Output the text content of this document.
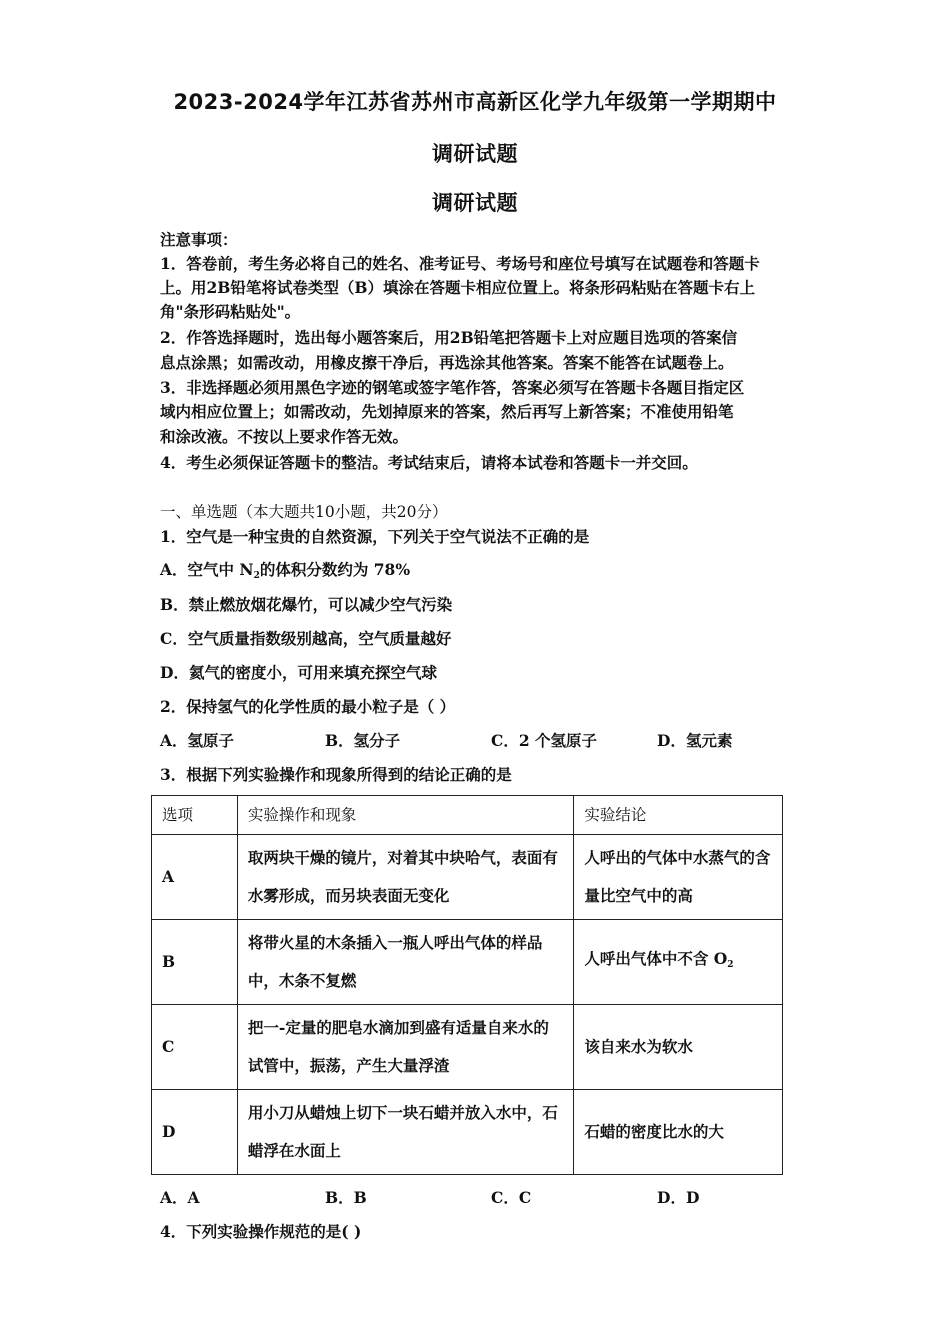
2023-2024学年江苏省苏州市高新区化学九年级第一学期期中
调研试题
调研试题
注意事项：
1．答卷前，考生务必将自己的姓名、准考证号、考场号和座位号填写在试题卷和答题卡
上。用2B铅笔将试卷类型（B）填涂在答题卡相应位置上。将条形码粘贴在答题卡右上
角"条形码粘贴处"。
2．作答选择题时，选出每小题答案后，用2B铅笔把答题卡上对应题目选项的答案信
息点涂黑；如需改动，用橡皮擦干净后，再选涂其他答案。答案不能答在试题卷上。
3．非选择题必须用黑色字迹的钢笔或签字笔作答，答案必须写在答题卡各题目指定区
域内相应位置上；如需改动，先划掉原来的答案，然后再写上新答案；不准使用铅笔
和涂改液。不按以上要求作答无效。
4．考生必须保证答题卡的整洁。考试结束后，请将本试卷和答题卡一并交回。
一、单选题（本大题共10小题，共20分）
1．空气是一种宝贵的自然资源，下列关于空气说法不正确的是
A．空气中 $N_2$的体积分数约为 78%
B．禁止燃放烟花爆竹，可以减少空气污染
C．空气质量指数级别越高，空气质量越好
D．氦气的密度小，可用来填充探空气球
2．保持氢气的化学性质的最小粒子是（ ）
A．氢原子	B．氢分子	C．2 个氢原子	D．氢元素
3．根据下列实验操作和现象所得到的结论正确的是
选项	实验操作和现象	实验结论
A	取两块干燥的镜片，对着其中块哈气，表面有水雾形成，而另块表面无变化	人呼出的气体中水蒸气的含量比空气中的高
B	将带火星的木条插入一瓶人呼出气体的样品中，木条不复燃	人呼出气体中不含 $O_2$
C	把一-定量的肥皂水滴加到盛有适量自来水的试管中，振荡，产生大量浮渣	该自来水为软水
D	用小刀从蜡烛上切下一块石蜡并放入水中，石蜡浮在水面上	石蜡的密度比水的大
A．A	B．B	C．C	D．D
4．下列实验操作规范的是( )
